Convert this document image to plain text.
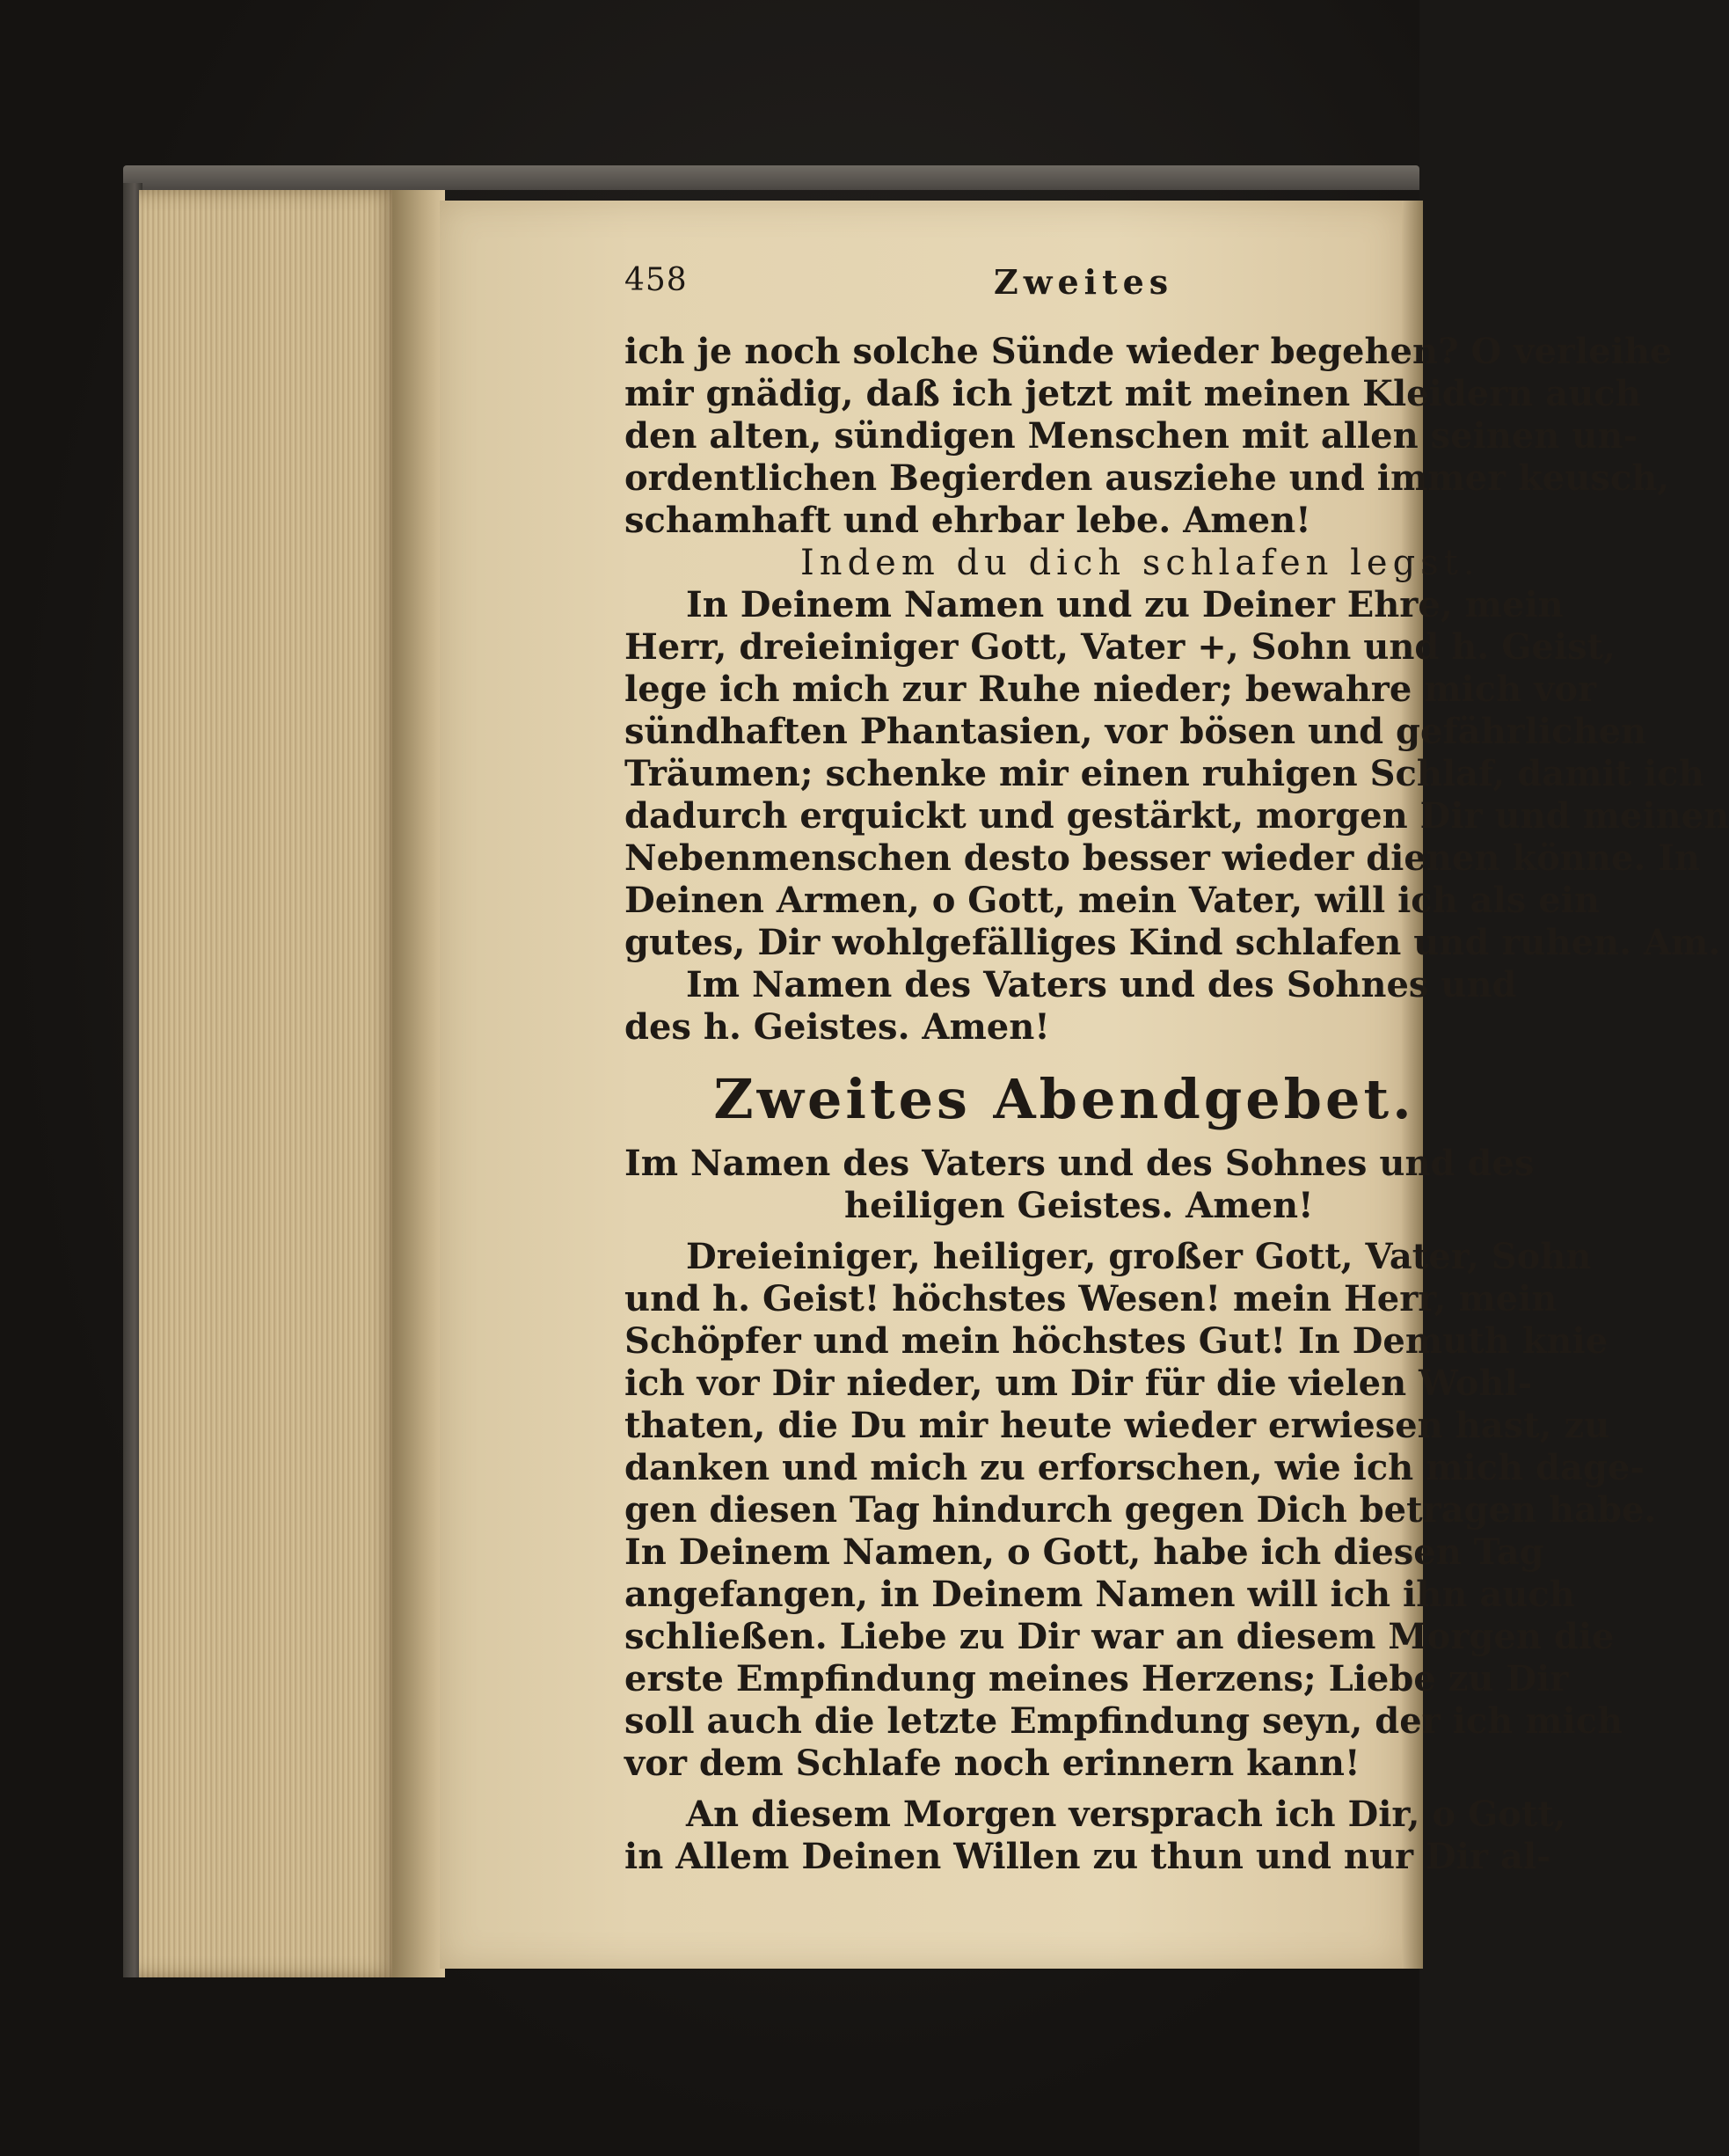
458	Zweites
ich je noch solche Sünde wieder begehen? O verleihe
mir gnädig, daß ich jetzt mit meinen Kleidern auch
den alten, sündigen Menschen mit allen seinen un-
ordentlichen Begierden ausziehe und immer keusch,
schamhaft und ehrbar lebe. Amen!
Indem du dich schlafen legst.
In Deinem Namen und zu Deiner Ehre, mein
Herr, dreieiniger Gott, Vater +, Sohn und h. Geist,
lege ich mich zur Ruhe nieder; bewahre mich vor
sündhaften Phantasien, vor bösen und gefährlichen
Träumen; schenke mir einen ruhigen Schlaf, damit ich
dadurch erquickt und gestärkt, morgen Dir und meinen
Nebenmenschen desto besser wieder dienen könne. In
Deinen Armen, o Gott, mein Vater, will ich als ein
gutes, Dir wohlgefälliges Kind schlafen und ruhen. Am.
Im Namen des Vaters und des Sohnes und
des h. Geistes. Amen!
Zweites Abendgebet.
Im Namen des Vaters und des Sohnes und des
heiligen Geistes. Amen!
Dreieiniger, heiliger, großer Gott, Vater, Sohn
und h. Geist! höchstes Wesen! mein Herr, mein
Schöpfer und mein höchstes Gut! In Demuth knie
ich vor Dir nieder, um Dir für die vielen Wohl-
thaten, die Du mir heute wieder erwiesen hast, zu
danken und mich zu erforschen, wie ich mich dage-
gen diesen Tag hindurch gegen Dich betragen habe.
In Deinem Namen, o Gott, habe ich diesen Tag
angefangen, in Deinem Namen will ich ihn auch
schließen. Liebe zu Dir war an diesem Morgen die
erste Empfindung meines Herzens; Liebe zu Dir
soll auch die letzte Empfindung seyn, der ich mich
vor dem Schlafe noch erinnern kann!
An diesem Morgen versprach ich Dir, o Gott,
in Allem Deinen Willen zu thun und nur Dir al-
